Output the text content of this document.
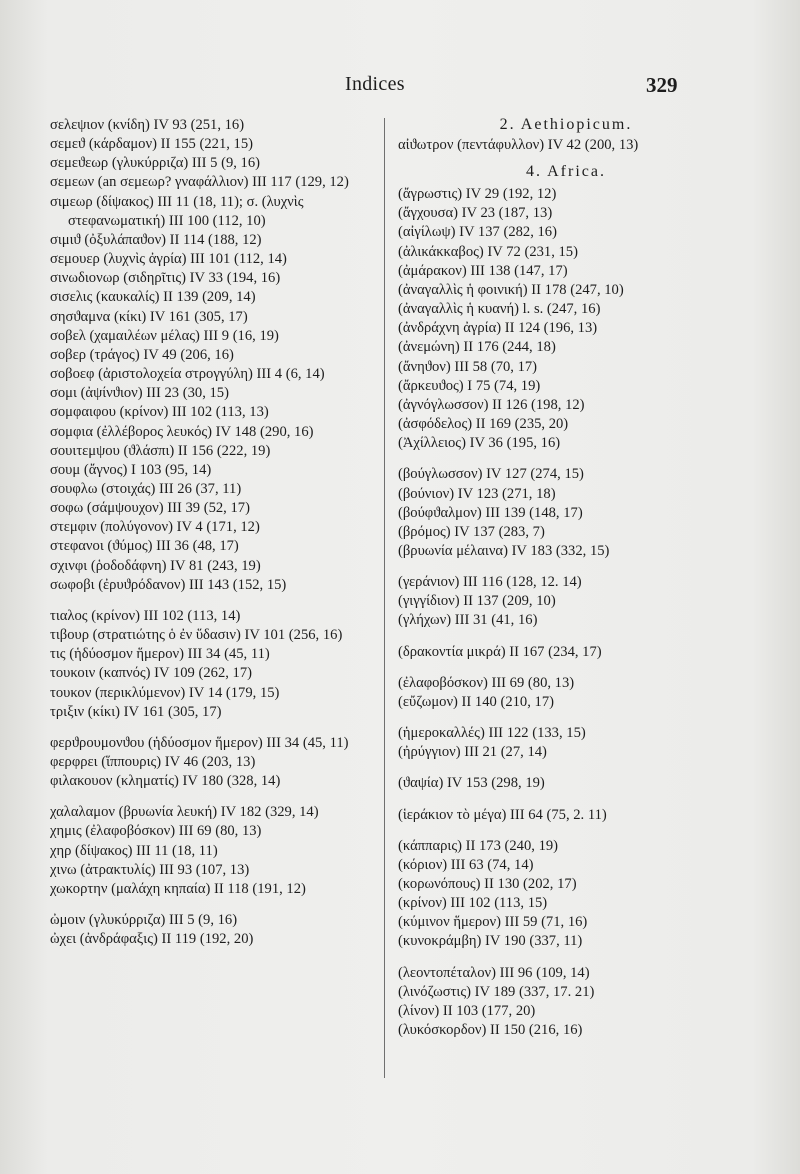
Indices	329
σελεψιον (κνίδη) IV 93 (251, 16)
σεμεϑ (κάρδαμον) II 155 (221, 15)
σεμεϑεωρ (γλυκύρριζα) III 5 (9, 16)
σεμεων (an σεμεωρ? γναφάλλιον) III 117 (129, 12)
σιμεωρ (δίψακος) III 11 (18, 11); σ. (λυχνὶς στεφανωματική) III 100 (112, 10)
σιμιϑ (ὀξυλάπαϑον) II 114 (188, 12)
σεμουερ (λυχνὶς ἀγρία) III 101 (112, 14)
σινωδιονωρ (σιδηρῖτις) IV 33 (194, 16)
σισελις (καυκαλίς) II 139 (209, 14)
σησϑαμνα (κίκι) IV 161 (305, 17)
σοβελ (χαμαιλέων μέλας) III 9 (16, 19)
σοβερ (τράγος) IV 49 (206, 16)
σοβοεφ (ἀριστολοχεία στρογγύλη) III 4 (6, 14)
σομι (ἀψίνϑιον) III 23 (30, 15)
σομφαιφου (κρίνον) III 102 (113, 13)
σομφια (ἐλλέβορος λευκός) IV 148 (290, 16)
σουιτεμψου (ϑλάσπι) II 156 (222, 19)
σουμ (ἄγνος) I 103 (95, 14)
σουφλω (στοιχάς) III 26 (37, 11)
σοφω (σάμψουχον) III 39 (52, 17)
στεμφιν (πολύγονον) IV 4 (171, 12)
στεφανοι (ϑύμος) III 36 (48, 17)
σχινφι (ῥοδοδάφνη) IV 81 (243, 19)
σωφοβι (ἐρυϑρόδανον) III 143 (152, 15)
τιαλος (κρίνον) III 102 (113, 14)
τιβουρ (στρατιώτης ὁ ἐν ὕδασιν) IV 101 (256, 16)
τις (ἡδύοσμον ἥμερον) III 34 (45, 11)
τουκοιν (καπνός) IV 109 (262, 17)
τουκον (περικλύμενον) IV 14 (179, 15)
τριξιν (κίκι) IV 161 (305, 17)
φερϑρουμονϑου (ἡδύοσμον ἥμερον) III 34 (45, 11)
φερφρει (ἵππουρις) IV 46 (203, 13)
φιλακουον (κληματίς) IV 180 (328, 14)
χαλαλαμον (βρυωνία λευκή) IV 182 (329, 14)
χημις (ἐλαφοβόσκον) III 69 (80, 13)
χηρ (δίψακος) III 11 (18, 11)
χινω (ἀτρακτυλίς) III 93 (107, 13)
χωκορτην (μαλάχη κηπαία) II 118 (191, 12)
ὠμοιν (γλυκύρριζα) III 5 (9, 16)
ὠχει (ἀνδράφαξις) II 119 (192, 20)
2. Aethiopicum.
αἰϑωτρον (πεντάφυλλον) IV 42 (200, 13)
4. Africa.
(ἄγρωστις) IV 29 (192, 12)
(ἄγχουσα) IV 23 (187, 13)
(αἰγίλωψ) IV 137 (282, 16)
(ἀλικάκκαβος) IV 72 (231, 15)
(ἀμάρακον) III 138 (147, 17)
(ἀναγαλλὶς ἡ φοινική) II 178 (247, 10)
(ἀναγαλλὶς ἡ κυανή) l. s. (247, 16)
(ἀνδράχνη ἀγρία) II 124 (196, 13)
(ἀνεμώνη) II 176 (244, 18)
(ἄνηϑον) III 58 (70, 17)
(ἄρκευϑος) I 75 (74, 19)
(ἀγνόγλωσσον) II 126 (198, 12)
(ἀσφόδελος) II 169 (235, 20)
(Ἀχίλλειος) IV 36 (195, 16)
(βούγλωσσον) IV 127 (274, 15)
(βούνιον) IV 123 (271, 18)
(βούφϑαλμον) III 139 (148, 17)
(βρόμος) IV 137 (283, 7)
(βρυωνία μέλαινα) IV 183 (332, 15)
(γεράνιον) III 116 (128, 12. 14)
(γιγγίδιον) II 137 (209, 10)
(γλήχων) III 31 (41, 16)
(δρακοντία μικρά) II 167 (234, 17)
(ἐλαφοβόσκον) III 69 (80, 13)
(εὔζωμον) II 140 (210, 17)
(ἡμεροκαλλές) III 122 (133, 15)
(ἠρύγγιον) III 21 (27, 14)
(ϑαψία) IV 153 (298, 19)
(ἱεράκιον τὸ μέγα) III 64 (75, 2. 11)
(κάππαρις) II 173 (240, 19)
(κόριον) III 63 (74, 14)
(κορωνόπους) II 130 (202, 17)
(κρίνον) III 102 (113, 15)
(κύμινον ἥμερον) III 59 (71, 16)
(κυνοκράμβη) IV 190 (337, 11)
(λεοντοπέταλον) III 96 (109, 14)
(λινόζωστις) IV 189 (337, 17. 21)
(λίνον) II 103 (177, 20)
(λυκόσκορδον) II 150 (216, 16)
